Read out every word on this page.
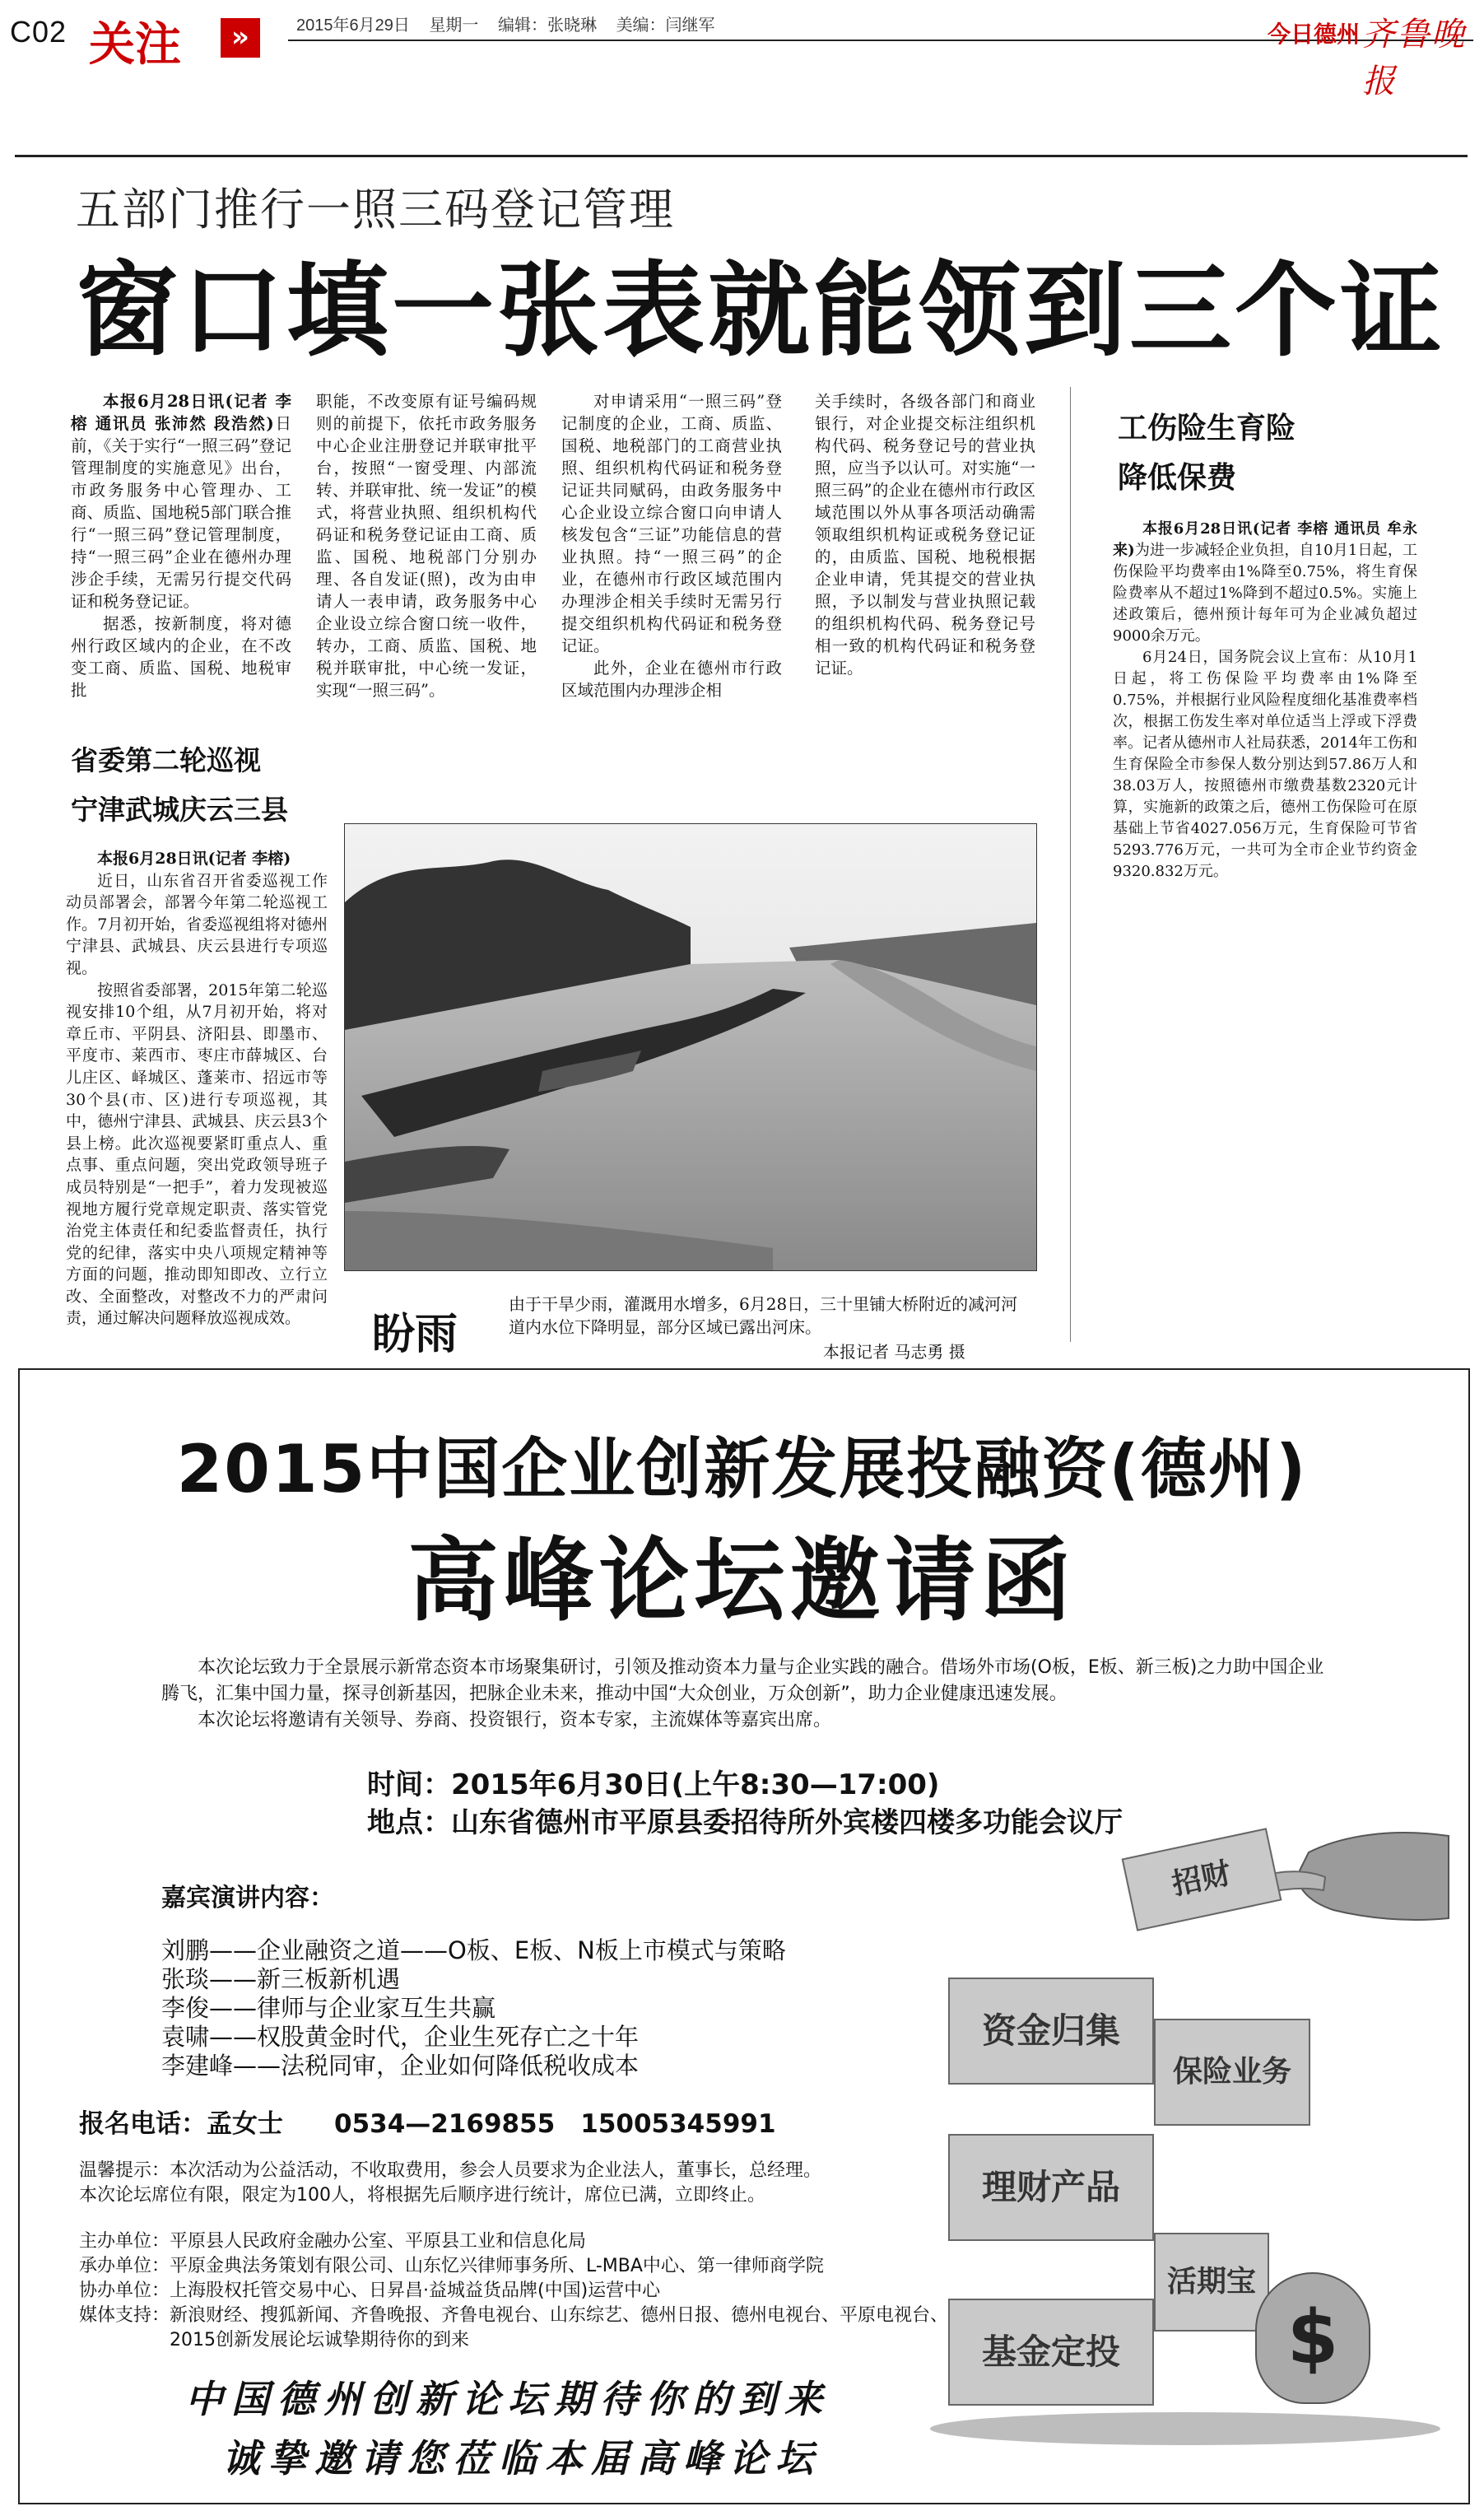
C02 关注	»	2015年6月29日 星期一 编辑：张晓琳 美编：闫继军	今日德州 齐鲁晚报
五部门推行一照三码登记管理
窗口填一张表就能领到三个证

本报6月28日讯(记者 李榕 通讯员 张沛然 段浩然)日前，《关于实行“一照三码”登记管理制度的实施意见》出台，市政务服务中心管理办、工商、质监、国地税5部门联合推行“一照三码”登记管理制度，持“一照三码”企业在德州办理涉企手续，无需另行提交代码证和税务登记证。

据悉，按新制度，将对德州行政区域内的企业，在不改变工商、质监、国税、地税审批

职能，不改变原有证号编码规则的前提下，依托市政务服务中心企业注册登记并联审批平台，按照“一窗受理、内部流转、并联审批、统一发证”的模式，将营业执照、组织机构代码证和税务登记证由工商、质监、国税、地税部门分别办理、各自发证(照)，改为由申请人一表申请，政务服务中心企业设立综合窗口统一收件，转办，工商、质监、国税、地税并联审批，中心统一发证，实现“一照三码”。

对申请采用“一照三码”登记制度的企业，工商、质监、国税、地税部门的工商营业执照、组织机构代码证和税务登记证共同赋码，由政务服务中心企业设立综合窗口向申请人核发包含“三证”功能信息的营业执照。持“一照三码”的企业，在德州市行政区域范围内办理涉企相关手续时无需另行提交组织机构代码证和税务登记证。

此外，企业在德州市行政区域范围内办理涉企相

关手续时，各级各部门和商业银行，对企业提交标注组织机构代码、税务登记号的营业执照，应当予以认可。对实施“一照三码”的企业在德州市行政区域范围以外从事各项活动确需领取组织机构证或税务登记证的，由质监、国税、地税根据企业申请，凭其提交的营业执照，予以制发与营业执照记载的组织机构代码、税务登记号相一致的机构代码证和税务登记证。

工伤险生育险
降低保费

本报6月28日讯(记者 李榕 通讯员 牟永来)为进一步减轻企业负担，自10月1日起，工伤保险平均费率由1%降至0.75%，将生育保险费率从不超过1%降到不超过0.5%。实施上述政策后，德州预计每年可为企业减负超过9000余万元。

6月24日，国务院会议上宣布：从10月1日起，将工伤保险平均费率由1%降至0.75%，并根据行业风险程度细化基准费率档次，根据工伤发生率对单位适当上浮或下浮费率。记者从德州市人社局获悉，2014年工伤和生育保险全市参保人数分别达到57.86万人和38.03万人，按照德州市缴费基数2320元计算，实施新的政策之后，德州工伤保险可在原基础上节省4027.056万元，生育保险可节省5293.776万元，一共可为全市企业节约资金9320.832万元。

省委第二轮巡视
宁津武城庆云三县

本报6月28日讯(记者 李榕)

近日，山东省召开省委巡视工作动员部署会，部署今年第二轮巡视工作。7月初开始，省委巡视组将对德州宁津县、武城县、庆云县进行专项巡视。

按照省委部署，2015年第二轮巡视安排10个组，从7月初开始，将对章丘市、平阴县、济阳县、即墨市、平度市、莱西市、枣庄市薛城区、台儿庄区、峄城区、蓬莱市、招远市等30个县(市、区)进行专项巡视，其中，德州宁津县、武城县、庆云县3个县上榜。此次巡视要紧盯重点人、重点事、重点问题，突出党政领导班子成员特别是“一把手”，着力发现被巡视地方履行党章规定职责、落实管党治党主体责任和纪委监督责任，执行党的纪律，落实中央八项规定精神等方面的问题，推动即知即改、立行立改、全面整改，对整改不力的严肃问责，通过解决问题释放巡视成效。	盼雨
由于干旱少雨，灌溉用水增多，6月28日，三十里铺大桥附近的减河河道内水位下降明显，部分区域已露出河床。
本报记者 马志勇 摄
2015中国企业创新发展投融资(德州)
高峰论坛邀请函

本次论坛致力于全景展示新常态资本市场聚集研讨，引领及推动资本力量与企业实践的融合。借场外市场(O板，E板、新三板)之力助中国企业腾飞，汇集中国力量，探寻创新基因，把脉企业未来，推动中国“大众创业，万众创新”，助力企业健康迅速发展。

本次论坛将邀请有关领导、券商、投资银行，资本专家，主流媒体等嘉宾出席。

时间：2015年6月30日(上午8:30—17:00)
地点：山东省德州市平原县委招待所外宾楼四楼多功能会议厅
嘉宾演讲内容：
刘鹏——企业融资之道——O板、E板、N板上市模式与策略
张琰——新三板新机遇
李俊——律师与企业家互生共赢
袁啸——权股黄金时代，企业生死存亡之十年
李建峰——法税同审，企业如何降低税收成本
报名电话：孟女士　　0534—2169855　15005345991
温馨提示：本次活动为公益活动，不收取费用，参会人员要求为企业法人，董事长，总经理。
本次论坛席位有限，限定为100人，将根据先后顺序进行统计，席位已满，立即终止。
主办单位：平原县人民政府金融办公室、平原县工业和信息化局
承办单位：平原金典法务策划有限公司、山东忆兴律师事务所、L-MBA中心、第一律师商学院
协办单位：上海股权托管交易中心、日昇昌·益城益货品牌(中国)运营中心
媒体支持：新浪财经、搜狐新闻、齐鲁晚报、齐鲁电视台、山东综艺、德州日报、德州电视台、平原电视台、
2015创新发展论坛诚挚期待你的到来
中国德州创新论坛期待你的到来
诚挚邀请您莅临本届高峰论坛
招财
资金归集
保险业务
理财产品
活期宝
基金定投	$
